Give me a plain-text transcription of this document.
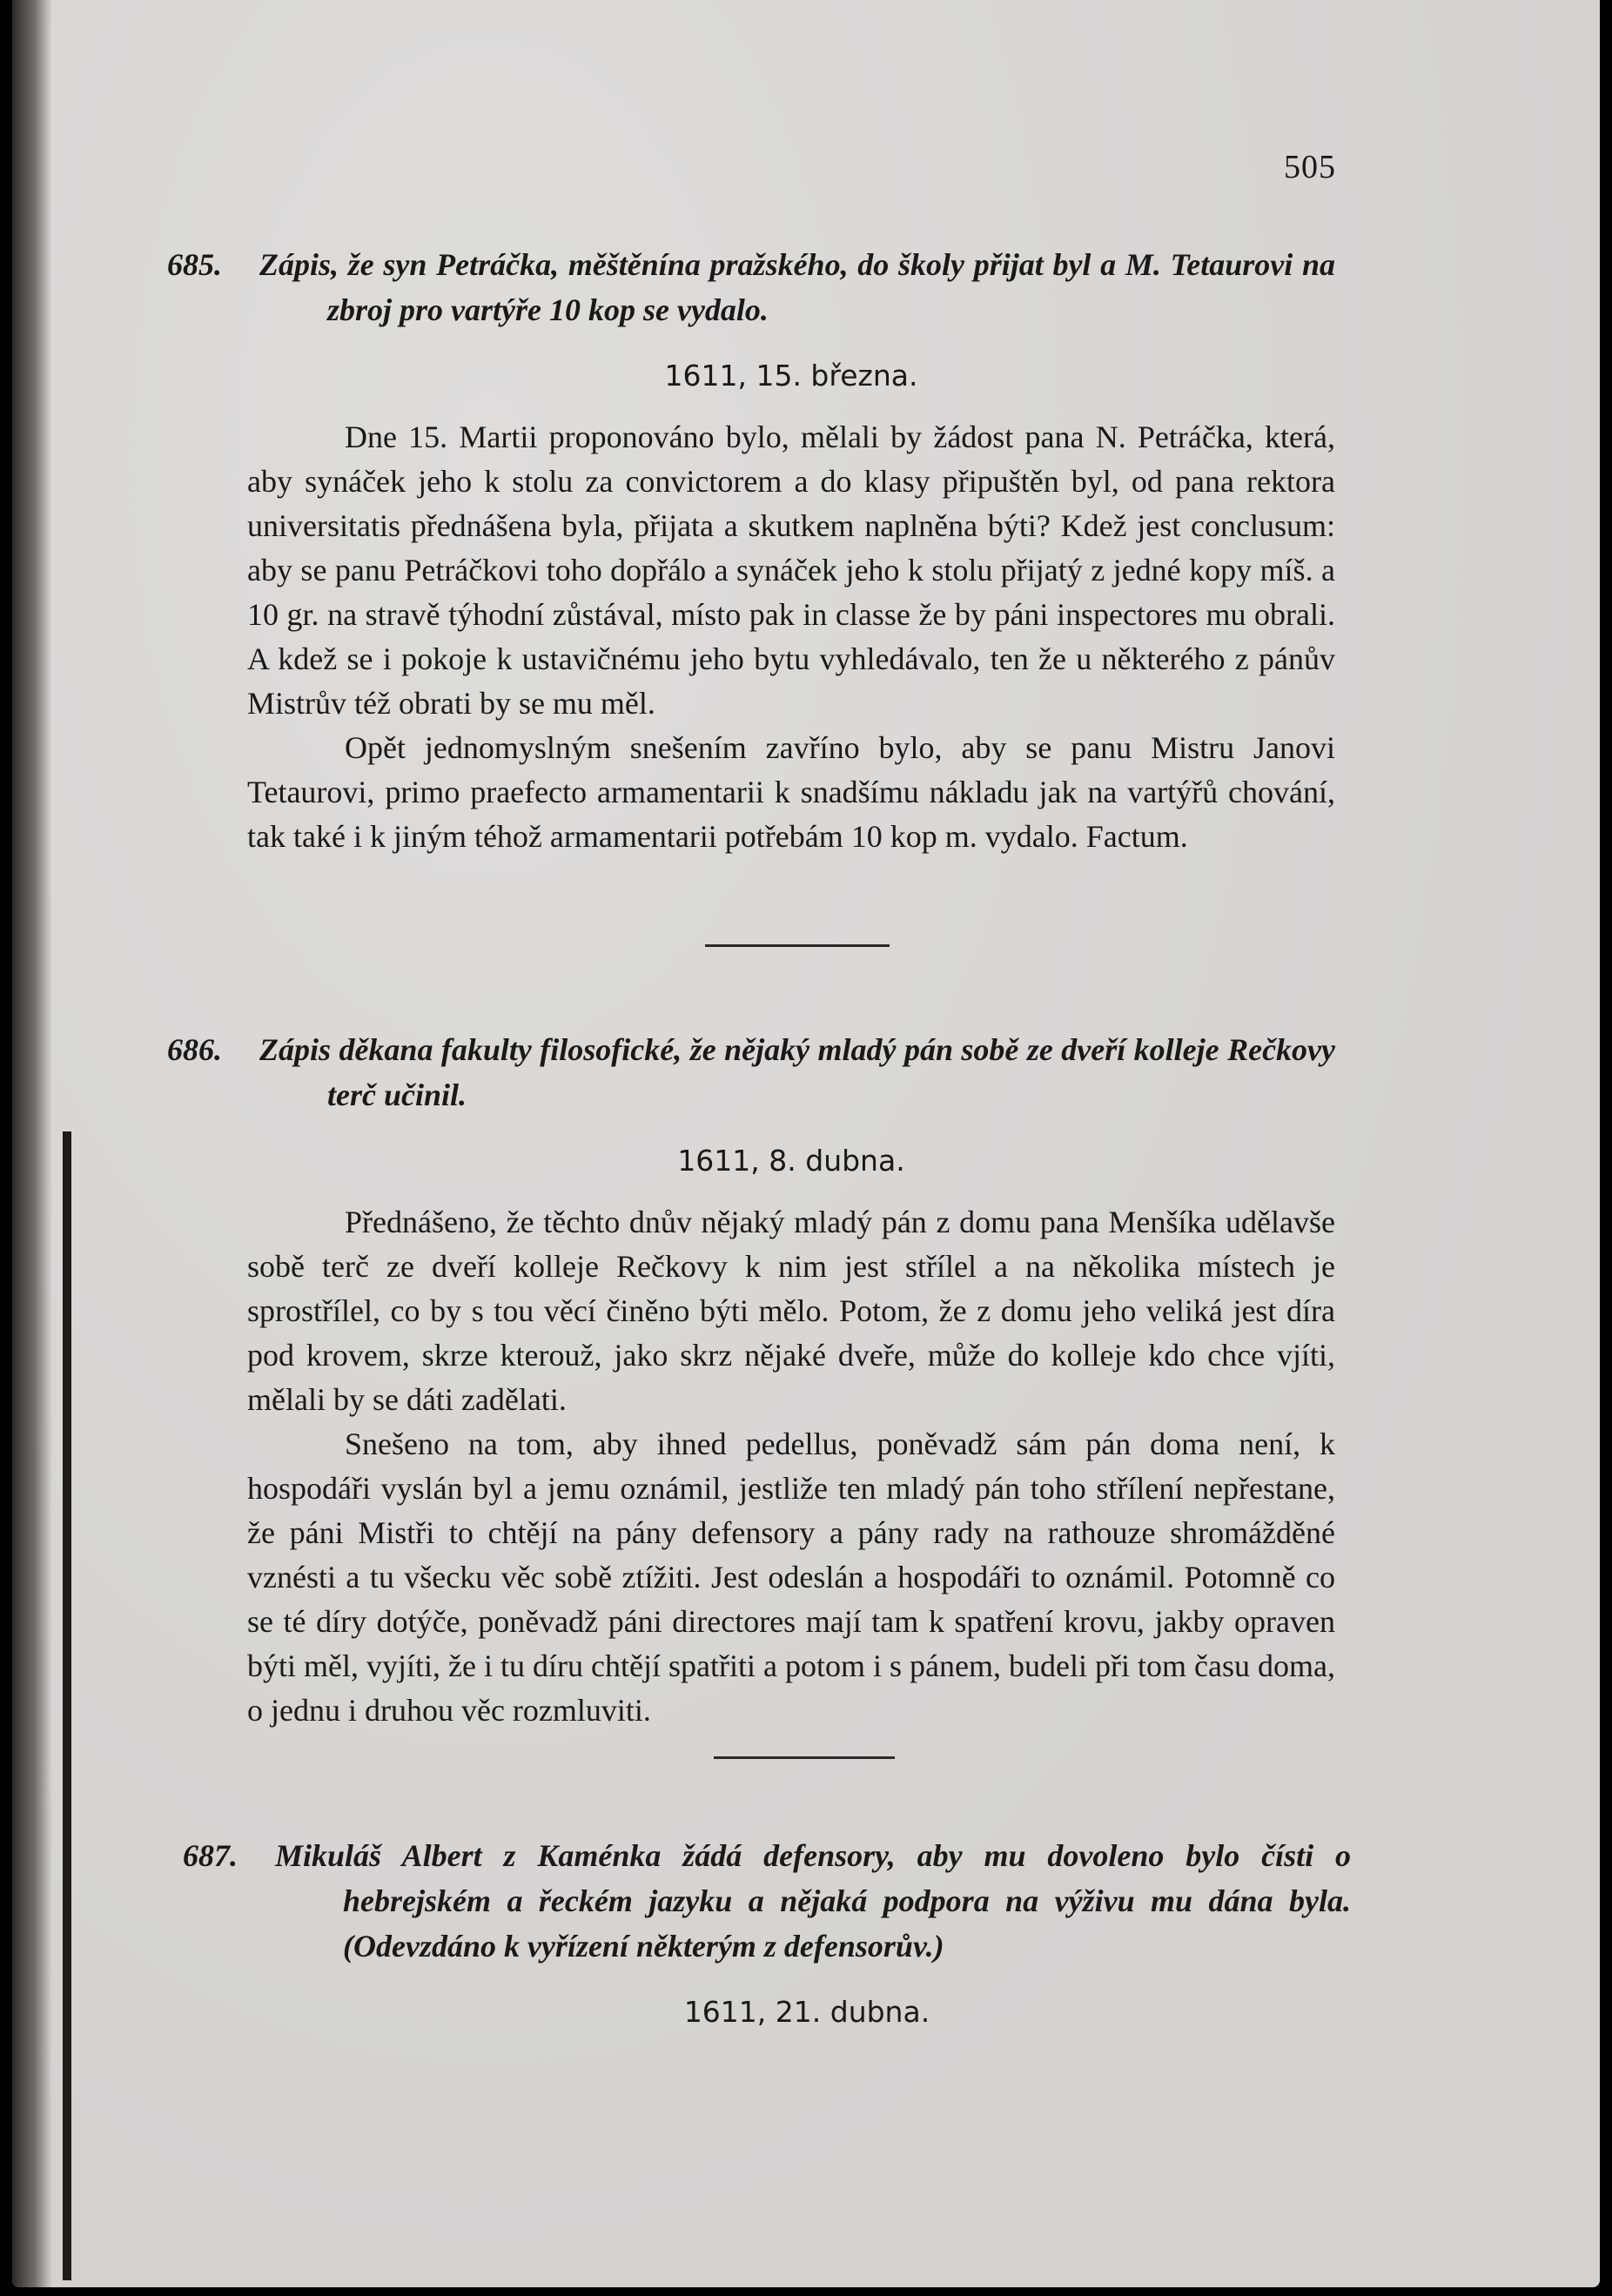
505

685. Zápis, že syn Petráčka, měštěnína pražského, do školy přijat byl a M. Tetaurovi na zbroj pro vartýře 10 kop se vydalo.

1611, 15. března.

Dne 15. Martii proponováno bylo, mělali by žádost pana N. Petráčka, která, aby synáček jeho k stolu za convictorem a do klasy připuštěn byl, od pana rektora universitatis přednášena byla, přijata a skutkem naplněna býti? Kdež jest conclusum: aby se panu Petráčkovi toho dopřálo a synáček jeho k stolu přijatý z jedné kopy míš. a 10 gr. na stravě týhodní zůstával, místo pak in classe že by páni inspectores mu obrali. A kdež se i pokoje k ustavičnému jeho bytu vyhledávalo, ten že u některého z pánův Mistrův též obrati by se mu měl.

Opět jednomyslným snešením zavříno bylo, aby se panu Mistru Janovi Tetaurovi, primo praefecto armamentarii k snadšímu nákladu jak na vartýřů chování, tak také i k jiným téhož armamentarii potřebám 10 kop m. vydalo. Factum.

686. Zápis děkana fakulty filosofické, že nějaký mladý pán sobě ze dveří kolleje Rečkovy terč učinil.

1611, 8. dubna.

Přednášeno, že těchto dnův nějaký mladý pán z domu pana Menšíka udělavše sobě terč ze dveří kolleje Rečkovy k nim jest střílel a na několika místech je sprostřílel, co by s tou věcí činěno býti mělo. Potom, že z domu jeho veliká jest díra pod krovem, skrze kterouž, jako skrz nějaké dveře, může do kolleje kdo chce vjíti, mělali by se dáti zadělati.

Snešeno na tom, aby ihned pedellus, poněvadž sám pán doma není, k hospodáři vyslán byl a jemu oznámil, jestliže ten mladý pán toho střílení nepřestane, že páni Mistři to chtějí na pány defensory a pány rady na rathouze shromážděné vznésti a tu všecku věc sobě ztížiti. Jest odeslán a hospodáři to oznámil. Potomně co se té díry dotýče, poněvadž páni directores mají tam k spatření krovu, jakby opraven býti měl, vyjíti, že i tu díru chtějí spatřiti a potom i s pánem, budeli při tom času doma, o jednu i druhou věc rozmluviti.

687. Mikuláš Albert z Kaménka žádá defensory, aby mu dovoleno bylo čísti o hebrejském a řeckém jazyku a nějaká podpora na výživu mu dána byla. (Odevzdáno k vyřízení některým z defensorův.)

1611, 21. dubna.
